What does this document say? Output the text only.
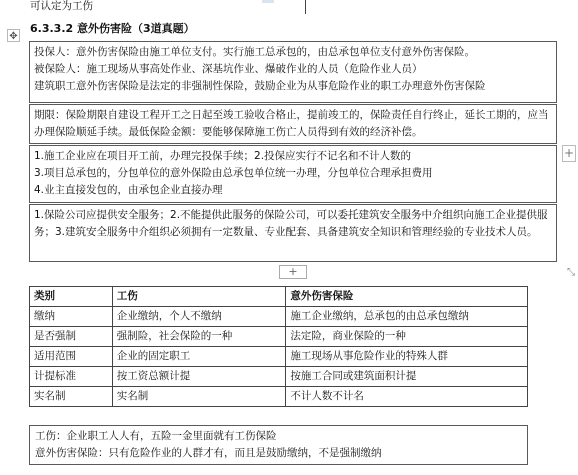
可认定为工伤
✥
6.3.3.2 意外伤害险（3道真题）

投保人：意外伤害保险由施工单位支付。实行施工总承包的，由总承包单位支付意外伤害保险。

被保险人：施工现场从事高处作业、深基坑作业、爆破作业的人员（危险作业人员）

建筑职工意外伤害保险是法定的非强制性保险，鼓励企业为从事危险作业的职工办理意外伤害保险

期限：保险期限自建设工程开工之日起至竣工验收合格止，提前竣工的，保险责任自行终止，延长工期的，应当办理保险顺延手续。最低保险金额：要能够保障施工伤亡人员得到有效的经济补偿。

1.施工企业应在项目开工前，办理完投保手续；2.投保应实行不记名和不计人数的

3.项目总承包的，分包单位的意外保险由总承包单位统一办理，分包单位合理承担费用

4.业主直接发包的，由承包企业直接办理

1.保险公司应提供安全服务；2.不能提供此服务的保险公司，可以委托建筑安全服务中介组织向施工企业提供服务；3.建筑安全服务中介组织必须拥有一定数量、专业配套、具备建筑安全知识和管理经验的专业技术人员。

+
+	⤡
类别	工伤	意外伤害保险
缴纳	企业缴纳，个人不缴纳	施工企业缴纳，总承包的由总承包缴纳
是否强制	强制险，社会保险的一种	法定险，商业保险的一种
适用范围	企业的固定职工	施工现场从事危险作业的特殊人群
计提标准	按工资总额计提	按施工合同或建筑面积计提
实名制	实名制	不计人数不计名

工伤：企业职工人人有，五险一金里面就有工伤保险

意外伤害保险：只有危险作业的人群才有，而且是鼓励缴纳，不是强制缴纳
